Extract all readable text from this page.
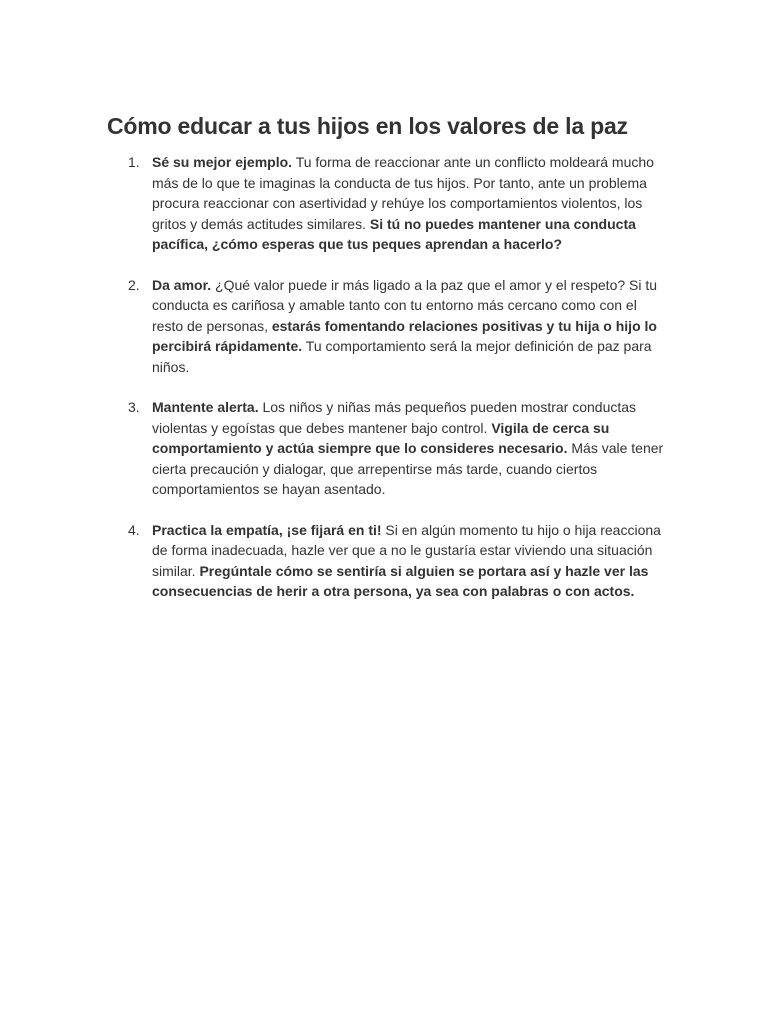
Cómo educar a tus hijos en los valores de la paz
1. Sé su mejor ejemplo. Tu forma de reaccionar ante un conflicto moldeará mucho más de lo que te imaginas la conducta de tus hijos. Por tanto, ante un problema procura reaccionar con asertividad y rehúye los comportamientos violentos, los gritos y demás actitudes similares. Si tú no puedes mantener una conducta pacífica, ¿cómo esperas que tus peques aprendan a hacerlo?
2. Da amor. ¿Qué valor puede ir más ligado a la paz que el amor y el respeto? Si tu conducta es cariñosa y amable tanto con tu entorno más cercano como con el resto de personas, estarás fomentando relaciones positivas y tu hija o hijo lo percibirá rápidamente. Tu comportamiento será la mejor definición de paz para niños.
3. Mantente alerta. Los niños y niñas más pequeños pueden mostrar conductas violentas y egoístas que debes mantener bajo control. Vigila de cerca su comportamiento y actúa siempre que lo consideres necesario. Más vale tener cierta precaución y dialogar, que arrepentirse más tarde, cuando ciertos comportamientos se hayan asentado.
4. Practica la empatía, ¡se fijará en ti! Si en algún momento tu hijo o hija reacciona de forma inadecuada, hazle ver que a no le gustaría estar viviendo una situación similar. Pregúntale cómo se sentiría si alguien se portara así y hazle ver las consecuencias de herir a otra persona, ya sea con palabras o con actos.
